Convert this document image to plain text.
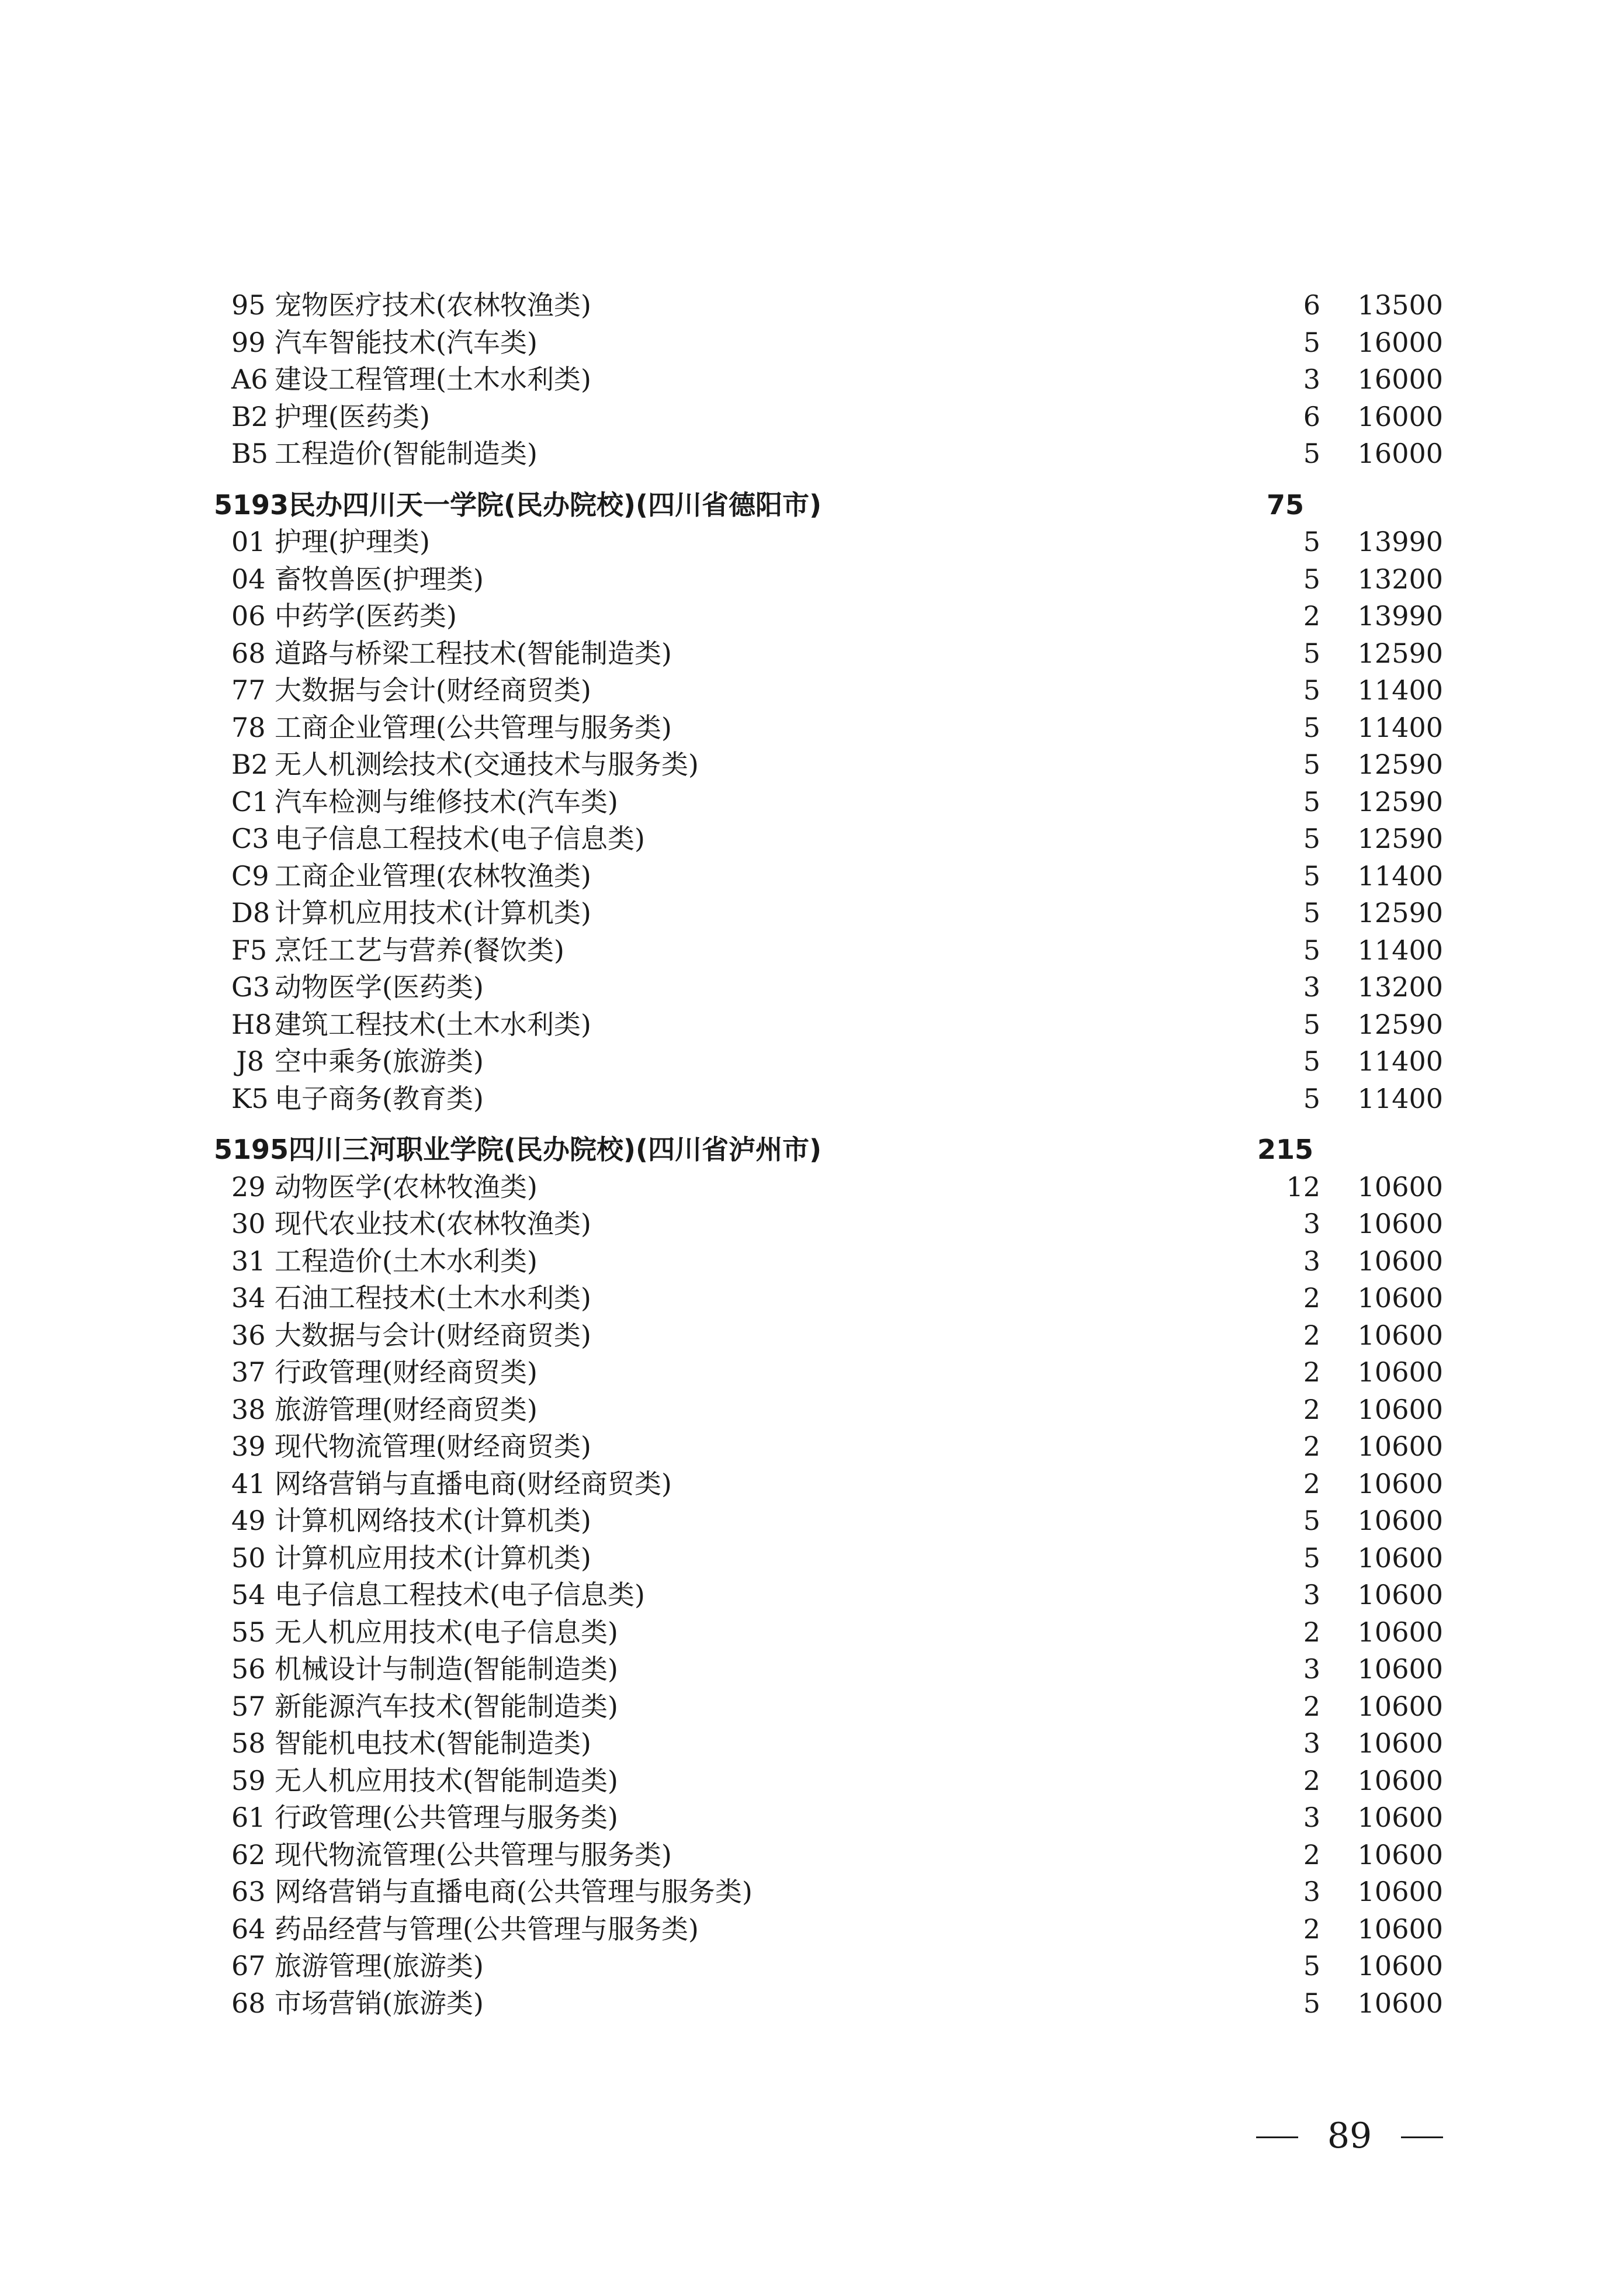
95 宠物医疗技术(农林牧渔类)	6	13500
99 汽车智能技术(汽车类)	5	16000
A6 建设工程管理(土木水利类)	3	16000
B2 护理(医药类)	6	16000
B5 工程造价(智能制造类)	5	16000
5193 民办四川天一学院(民办院校)(四川省德阳市)	75
01 护理(护理类)	5	13990
04 畜牧兽医(护理类)	5	13200
06 中药学(医药类)	2	13990
68 道路与桥梁工程技术(智能制造类)	5	12590
77 大数据与会计(财经商贸类)	5	11400
78 工商企业管理(公共管理与服务类)	5	11400
B2 无人机测绘技术(交通技术与服务类)	5	12590
C1 汽车检测与维修技术(汽车类)	5	12590
C3 电子信息工程技术(电子信息类)	5	12590
C9 工商企业管理(农林牧渔类)	5	11400
D8 计算机应用技术(计算机类)	5	12590
F5 烹饪工艺与营养(餐饮类)	5	11400
G3 动物医学(医药类)	3	13200
H8 建筑工程技术(土木水利类)	5	12590
J8 空中乘务(旅游类)	5	11400
K5 电子商务(教育类)	5	11400
5195 四川三河职业学院(民办院校)(四川省泸州市)	215
29 动物医学(农林牧渔类)	12	10600
30 现代农业技术(农林牧渔类)	3	10600
31 工程造价(土木水利类)	3	10600
34 石油工程技术(土木水利类)	2	10600
36 大数据与会计(财经商贸类)	2	10600
37 行政管理(财经商贸类)	2	10600
38 旅游管理(财经商贸类)	2	10600
39 现代物流管理(财经商贸类)	2	10600
41 网络营销与直播电商(财经商贸类)	2	10600
49 计算机网络技术(计算机类)	5	10600
50 计算机应用技术(计算机类)	5	10600
54 电子信息工程技术(电子信息类)	3	10600
55 无人机应用技术(电子信息类)	2	10600
56 机械设计与制造(智能制造类)	3	10600
57 新能源汽车技术(智能制造类)	2	10600
58 智能机电技术(智能制造类)	3	10600
59 无人机应用技术(智能制造类)	2	10600
61 行政管理(公共管理与服务类)	3	10600
62 现代物流管理(公共管理与服务类)	2	10600
63 网络营销与直播电商(公共管理与服务类)	3	10600
64 药品经营与管理(公共管理与服务类)	2	10600
67 旅游管理(旅游类)	5	10600
68 市场营销(旅游类)	5	10600
89
